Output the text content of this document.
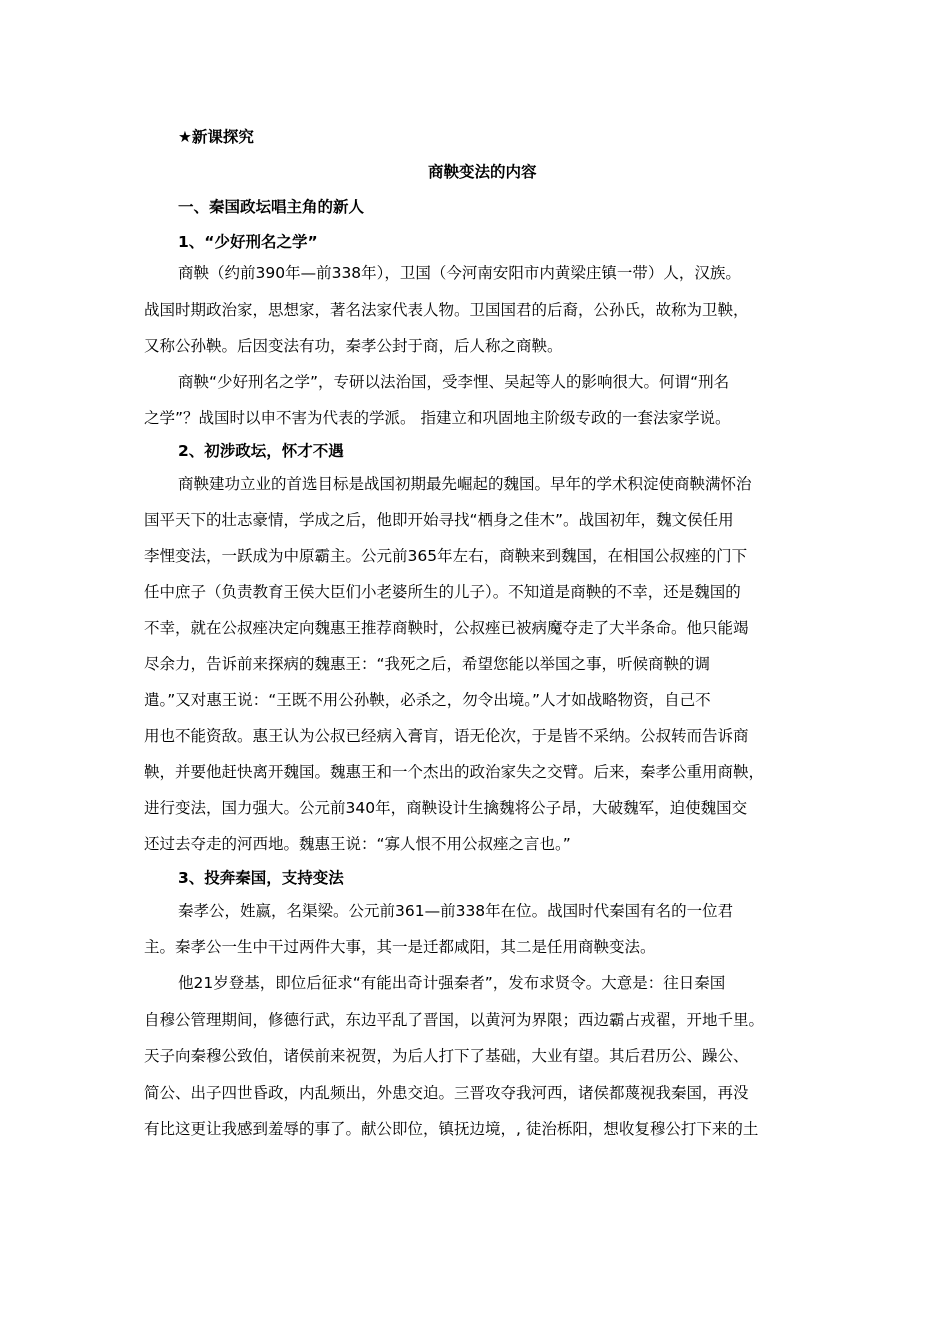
★新课探究
商鞅变法的内容
一、秦国政坛唱主角的新人
1、“少好刑名之学”
商鞅（约前390年—前338年），卫国（今河南安阳市内黄梁庄镇一带）人，汉族。
战国时期政治家，思想家，著名法家代表人物。卫国国君的后裔，公孙氏，故称为卫鞅，
又称公孙鞅。后因变法有功，秦孝公封于商，后人称之商鞅。
商鞅“少好刑名之学”，专研以法治国，受李悝、吴起等人的影响很大。何谓“刑名
之学”？战国时以申不害为代表的学派。 指建立和巩固地主阶级专政的一套法家学说。
2、初涉政坛，怀才不遇
商鞅建功立业的首选目标是战国初期最先崛起的魏国。早年的学术积淀使商鞅满怀治
国平天下的壮志豪情，学成之后，他即开始寻找“栖身之佳木”。战国初年，魏文侯任用
李悝变法，一跃成为中原霸主。公元前365年左右，商鞅来到魏国，在相国公叔痤的门下
任中庶子（负责教育王侯大臣们小老婆所生的儿子）。不知道是商鞅的不幸，还是魏国的
不幸，就在公叔痤决定向魏惠王推荐商鞅时，公叔痤已被病魔夺走了大半条命。他只能竭
尽余力，告诉前来探病的魏惠王：“我死之后，希望您能以举国之事，听候商鞅的调
遣。”又对惠王说：“王既不用公孙鞅，必杀之，勿令出境。”人才如战略物资，自己不
用也不能资敌。惠王认为公叔已经病入膏肓，语无伦次，于是皆不采纳。公叔转而告诉商
鞅，并要他赶快离开魏国。魏惠王和一个杰出的政治家失之交臂。后来，秦孝公重用商鞅，
进行变法，国力强大。公元前340年，商鞅设计生擒魏将公子昂，大破魏军，迫使魏国交
还过去夺走的河西地。魏惠王说：“寡人恨不用公叔痤之言也。”
3、投奔秦国，支持变法
秦孝公，姓嬴，名渠梁。公元前361—前338年在位。战国时代秦国有名的一位君
主。秦孝公一生中干过两件大事，其一是迁都咸阳，其二是任用商鞅变法。
他21岁登基，即位后征求“有能出奇计强秦者”，发布求贤令。大意是：往日秦国
自穆公管理期间，修德行武，东边平乱了晋国，以黄河为界限；西边霸占戎翟，开地千里。
天子向秦穆公致伯，诸侯前来祝贺，为后人打下了基础，大业有望。其后君历公、躁公、
简公、出子四世昏政，内乱频出，外患交迫。三晋攻夺我河西，诸侯都蔑视我秦国，再没
有比这更让我感到羞辱的事了。献公即位，镇抚边境，, 徒治栎阳，想收复穆公打下来的土
